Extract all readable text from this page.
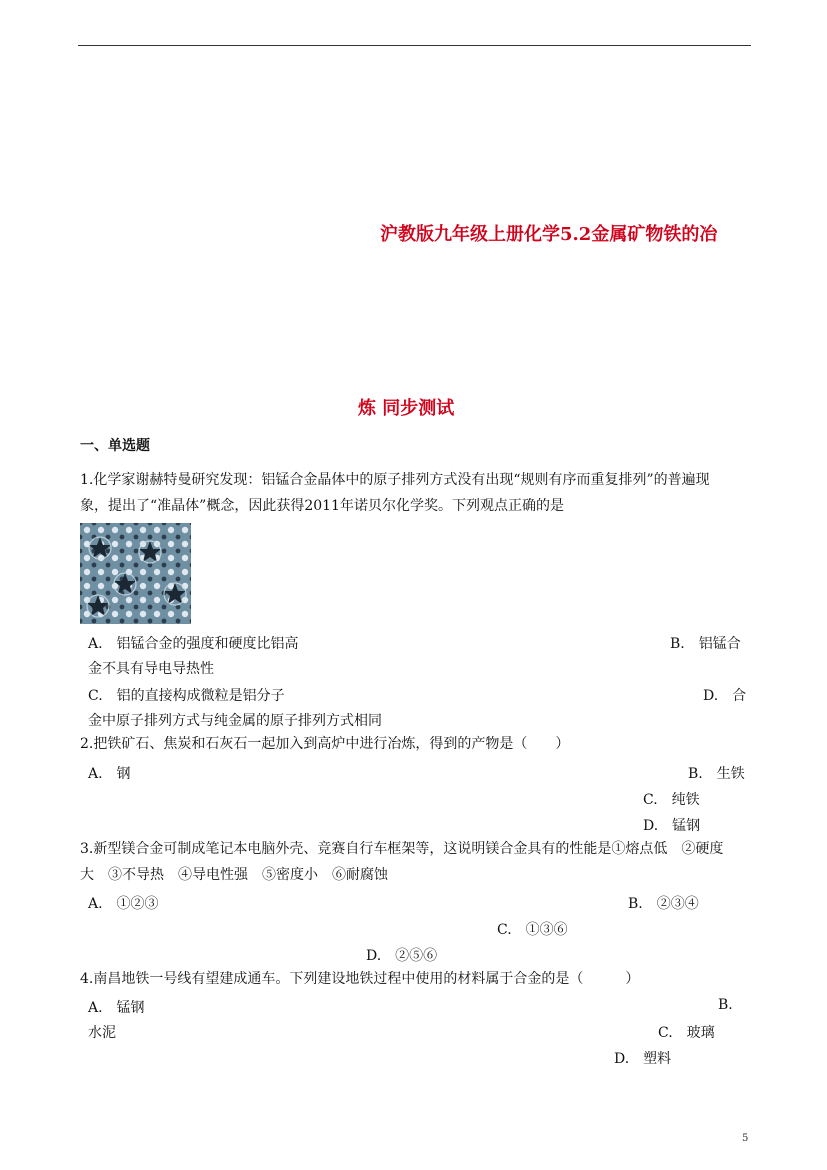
沪教版九年级上册化学5.2金属矿物铁的冶
炼 同步测试
一、单选题
1.化学家谢赫特曼研究发现：铝锰合金晶体中的原子排列方式没有出现“规则有序而重复排列”的普遍现
象，提出了“准晶体”概念，因此获得2011年诺贝尔化学奖。下列观点正确的是
A.　铝锰合金的强度和硬度比铝高	B.　铝锰合
金不具有导电导热性
C.　铝的直接构成微粒是铝分子	D.　合
金中原子排列方式与纯金属的原子排列方式相同
2.把铁矿石、焦炭和石灰石一起加入到高炉中进行冶炼，得到的产物是（　　）
A.　钢	B.　生铁
C.　纯铁
D.　锰钢
3.新型镁合金可制成笔记本电脑外壳、竞赛自行车框架等，这说明镁合金具有的性能是①熔点低　②硬度
大　③不导热　④导电性强　⑤密度小　⑥耐腐蚀
A.　①②③	B.　②③④
C.　①③⑥
D.　②⑤⑥
4.南昌地铁一号线有望建成通车。下列建设地铁过程中使用的材料属于合金的是（　　　）
A.　锰钢	B.
水泥	C.　玻璃
D.　塑料
5
